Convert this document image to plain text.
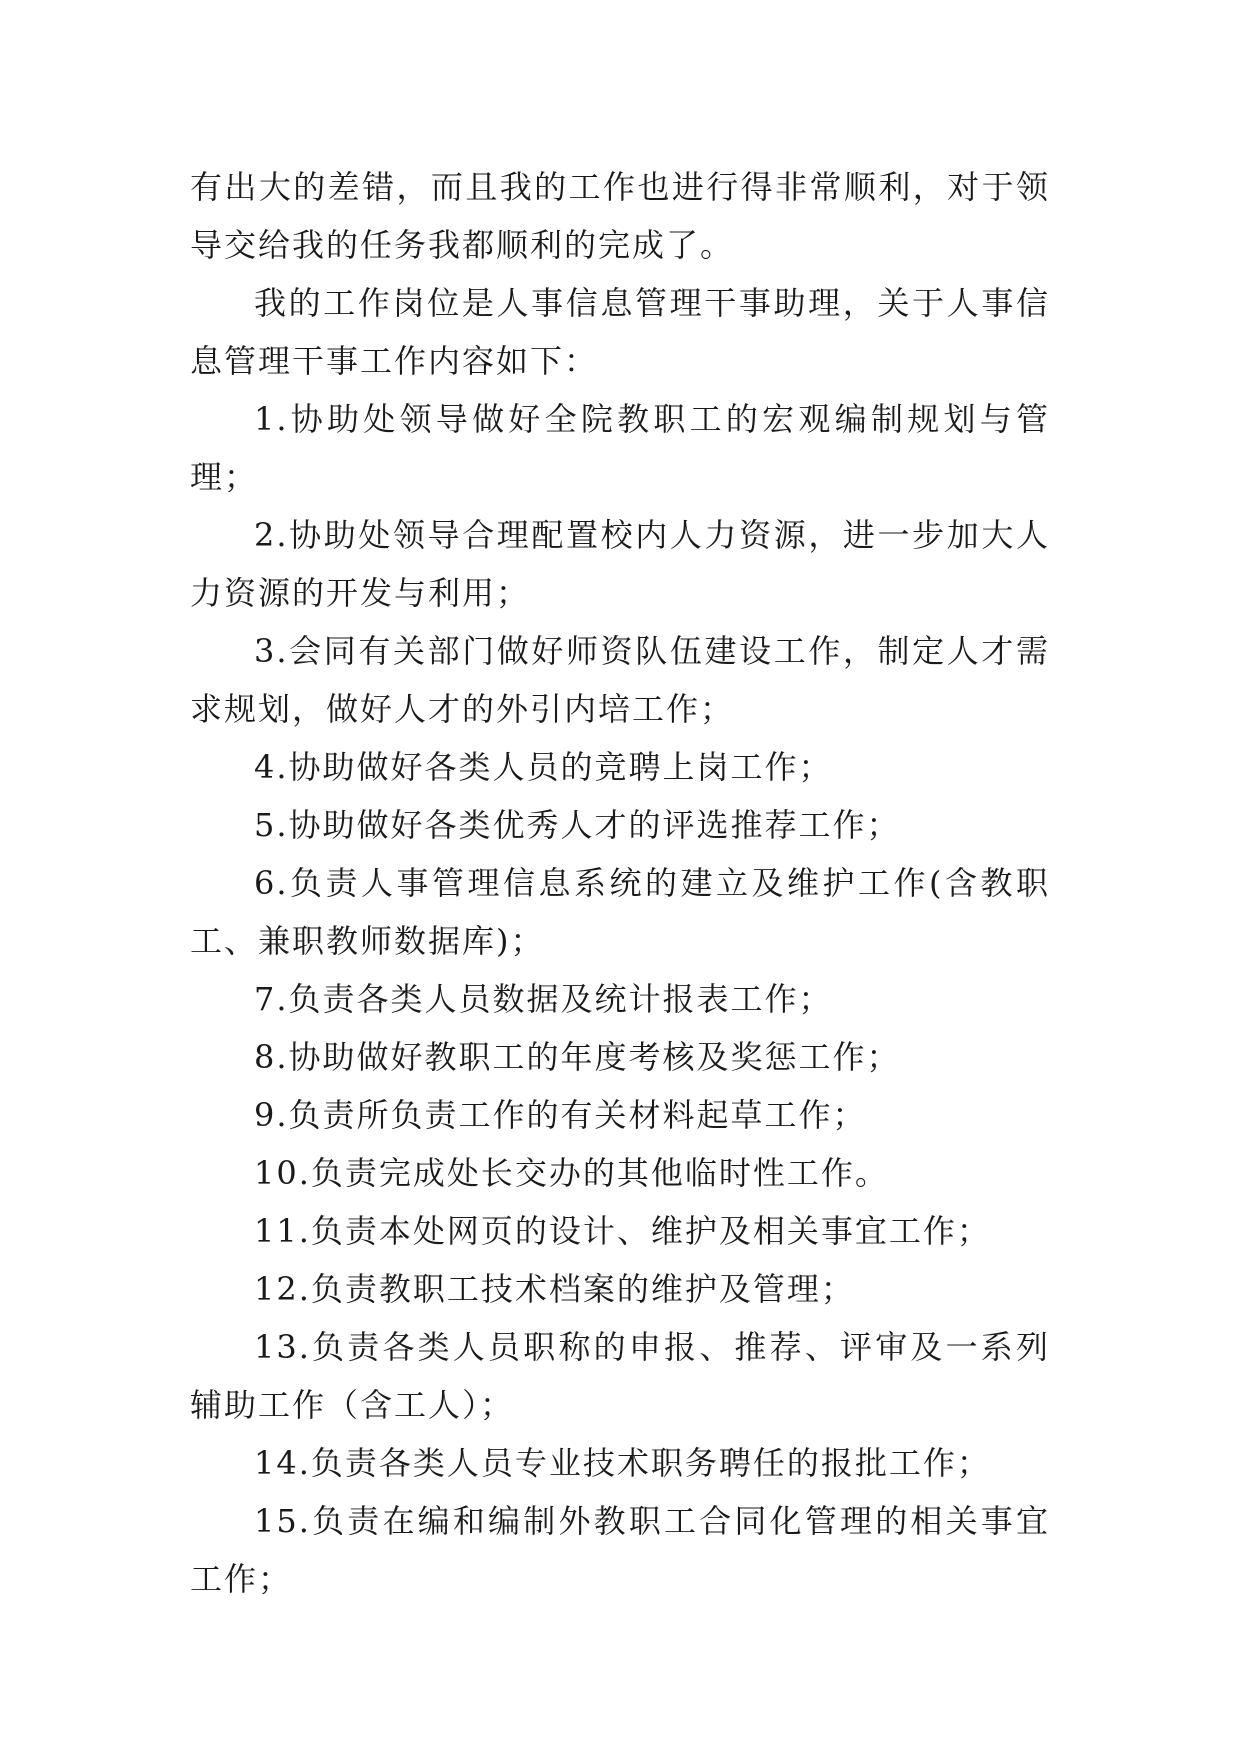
有出大的差错，而且我的工作也进行得非常顺利，对于领导交给我的任务我都顺利的完成了。

我的工作岗位是人事信息管理干事助理，关于人事信息管理干事工作内容如下：

1.协助处领导做好全院教职工的宏观编制规划与管理；

2.协助处领导合理配置校内人力资源，进一步加大人力资源的开发与利用；

3.会同有关部门做好师资队伍建设工作，制定人才需求规划，做好人才的外引内培工作；

4.协助做好各类人员的竞聘上岗工作；

5.协助做好各类优秀人才的评选推荐工作；

6.负责人事管理信息系统的建立及维护工作(含教职工、兼职教师数据库)；

7.负责各类人员数据及统计报表工作；

8.协助做好教职工的年度考核及奖惩工作；

9.负责所负责工作的有关材料起草工作；

10.负责完成处长交办的其他临时性工作。

11.负责本处网页的设计、维护及相关事宜工作；

12.负责教职工技术档案的维护及管理；

13.负责各类人员职称的申报、推荐、评审及一系列辅助工作（含工人）；

14.负责各类人员专业技术职务聘任的报批工作；

15.负责在编和编制外教职工合同化管理的相关事宜工作；
